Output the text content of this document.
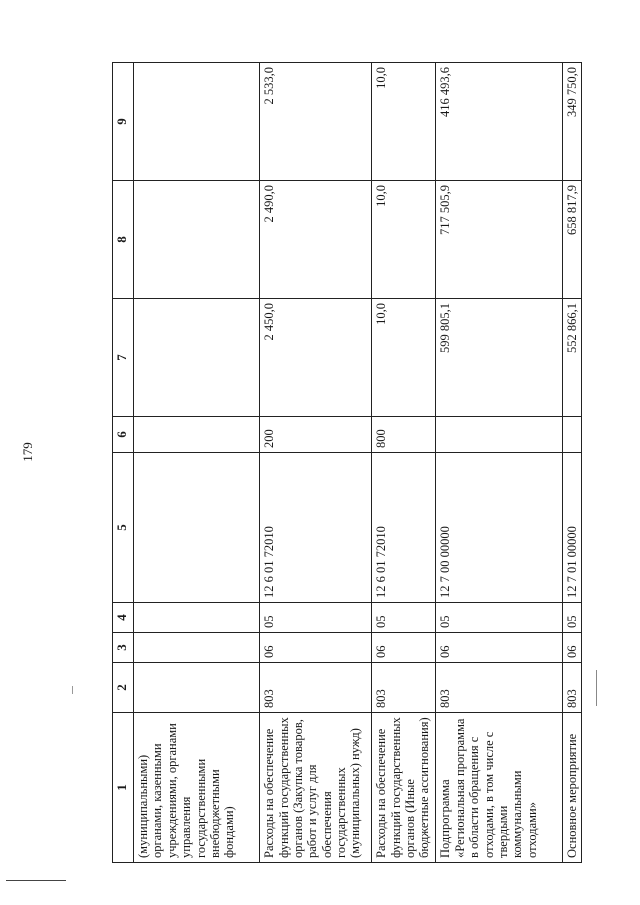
179
1	2	3	4	5	6	7	8	9
(муниципальными) органами, казенными учреждениями, органами управления государственными внебюджетными фондами)								
Расходы на обеспечение функций государственных органов (Закупка товаров, работ и услуг для обеспечения государственных (муниципальных) нужд)	803	06	05	12 6 01 72010	200	2 450,0	2 490,0	2 533,0
Расходы на обеспечение функций государственных органов (Иные бюджетные ассигнования)	803	06	05	12 6 01 72010	800	10,0	10,0	10,0
Подпрограмма «Региональная программа в области обращения с отходами, в том числе с твердыми коммунальными отходами»	803	06	05	12 7 00 00000		599 805,1	717 505,9	416 493,6
Основное мероприятие	803	06	05	12 7 01 00000		552 866,1	658 817,9	349 750,0
